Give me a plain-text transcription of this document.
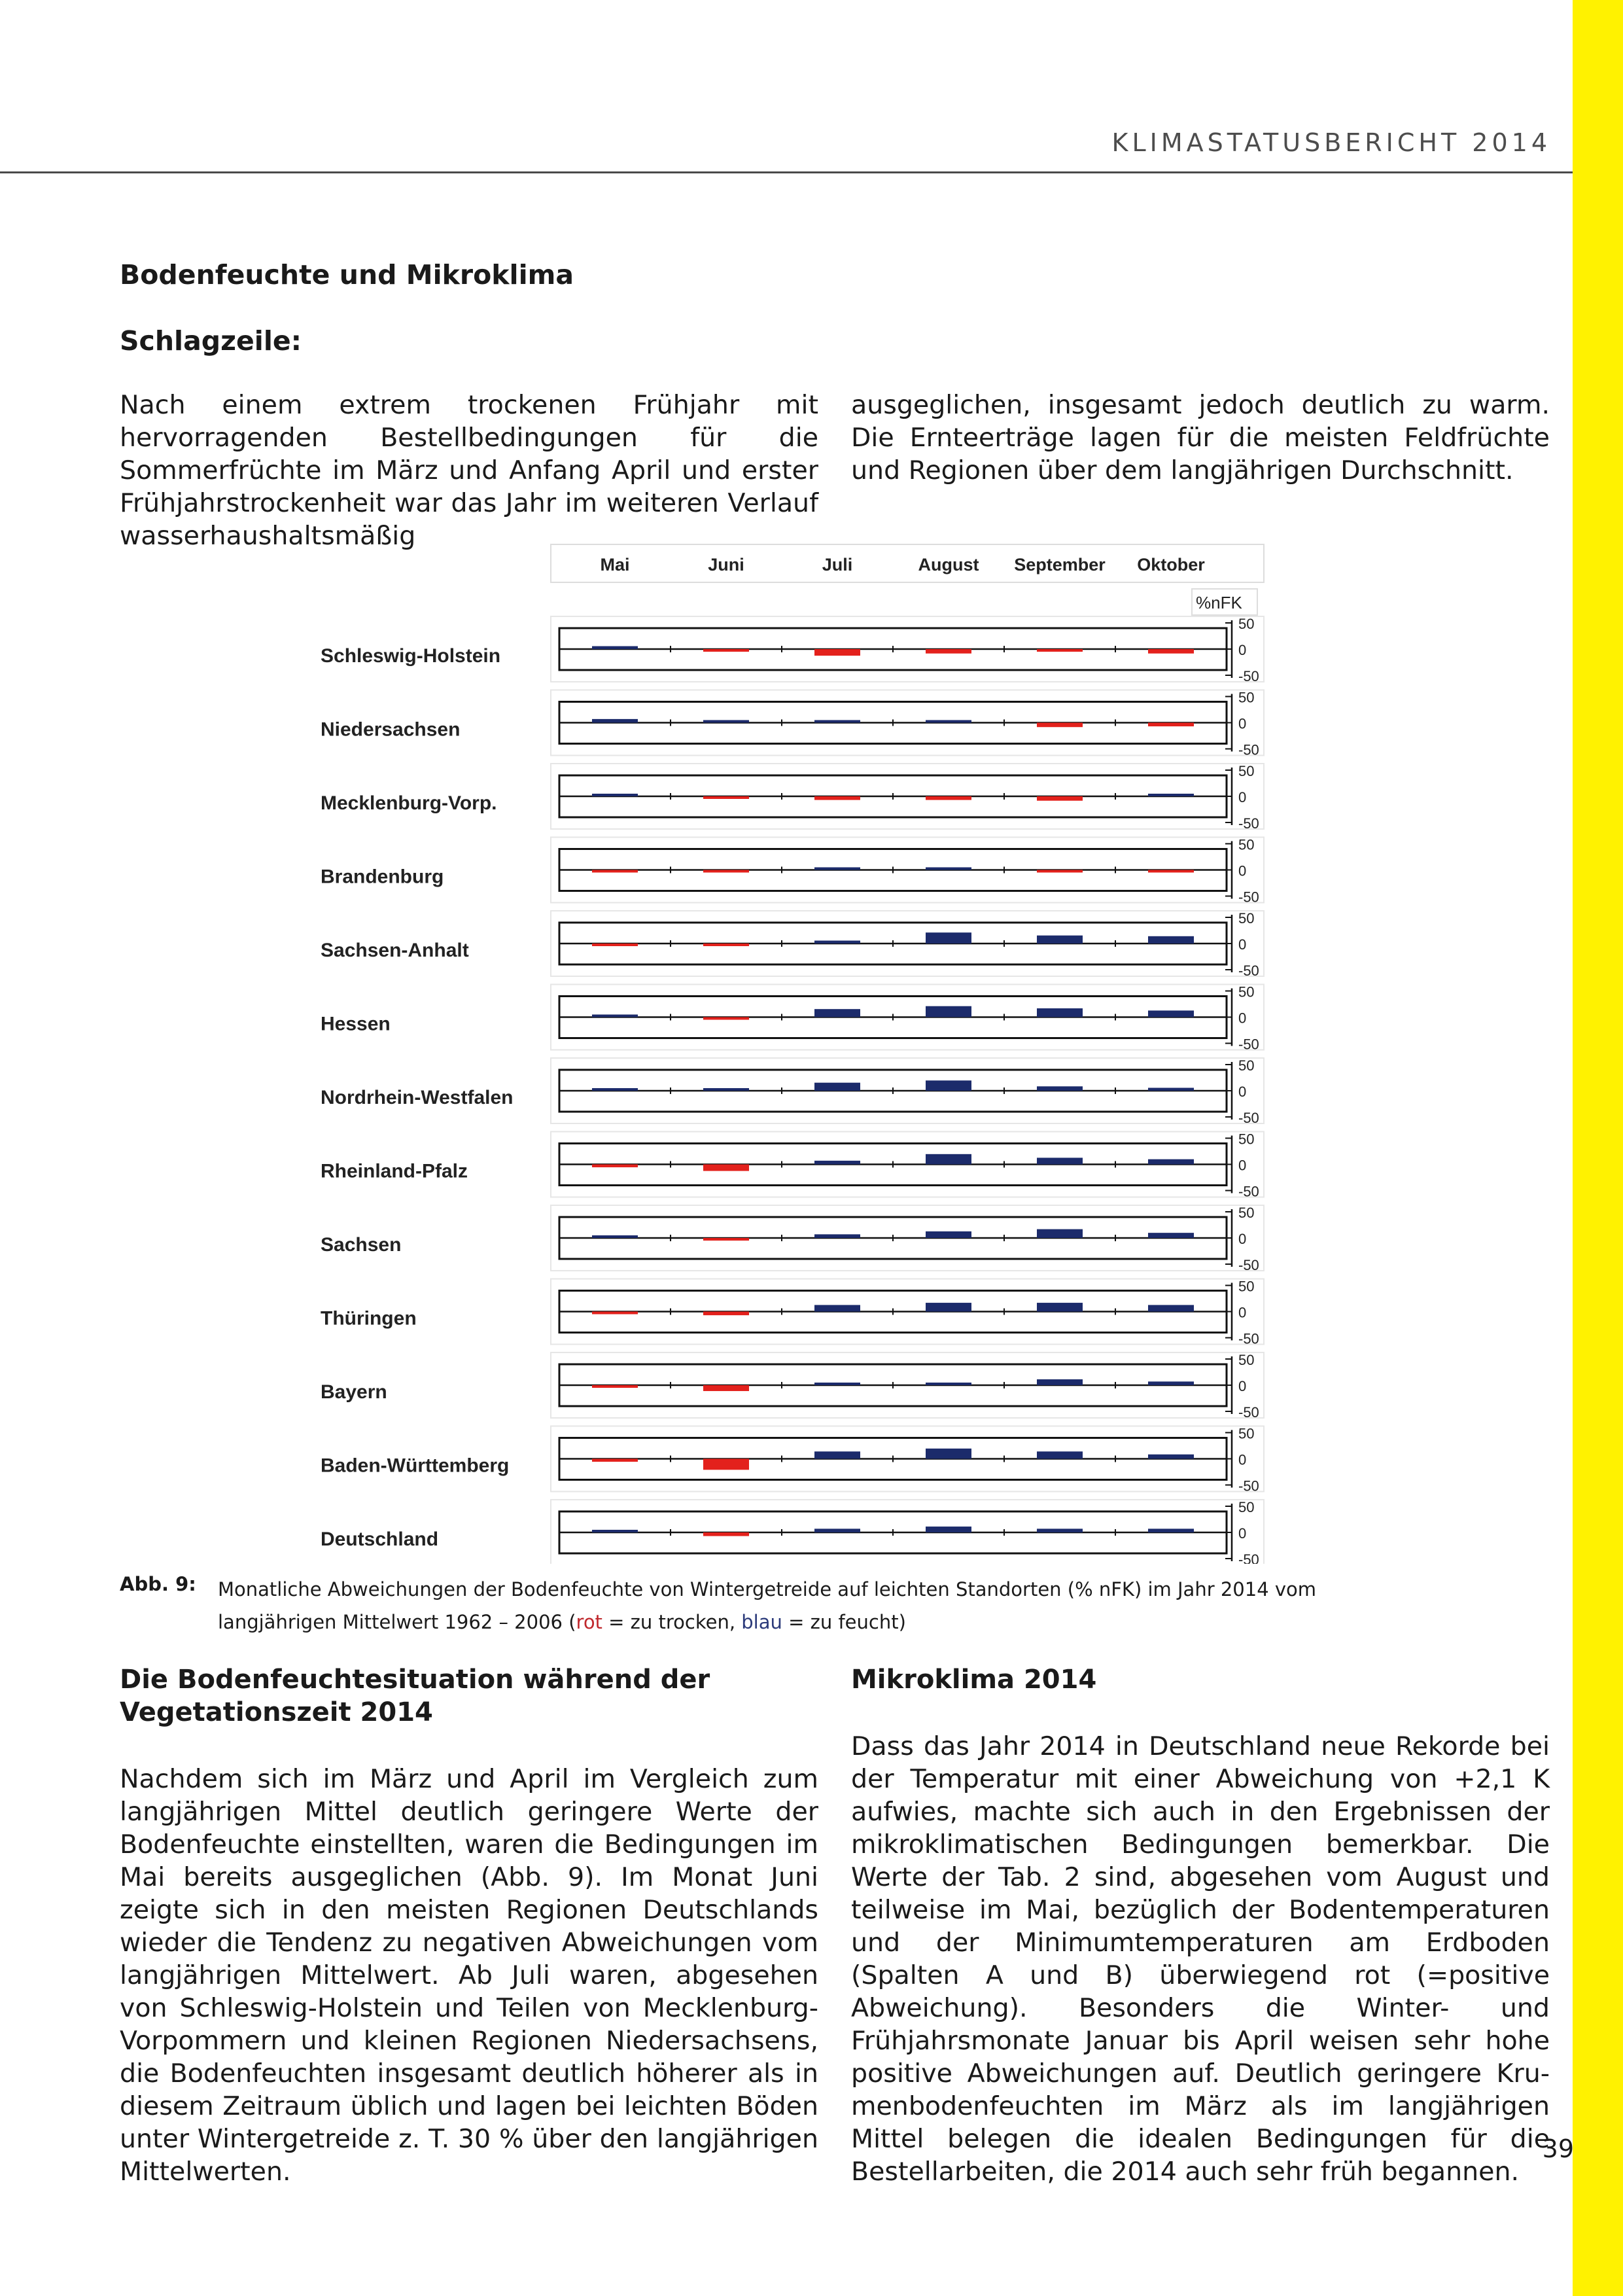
KLIMASTATUSBERICHT 2014
Bodenfeuchte und Mikroklima
Schlagzeile:

Nach einem extrem trockenen Frühjahr mit hervorragenden Bestellbedingungen für die Sommerfrüchte im März und Anfang April und erster Frühjahrstrockenheit war das Jahr im weiteren Verlauf wasserhaushaltsmäßig

ausgeglichen, insgesamt jedoch deutlich zu warm. Die Ernteerträge lagen für die meisten Feldfrüchte und Regionen über dem langjährigen Durchschnitt.

Mai	Juni	Juli	August September Oktober
%nFK
Schleswig-Holstein
50
0
-50
Niedersachsen
50
0
-50
Mecklenburg-Vorp.
50
0
-50
Brandenburg
50
0
-50
Sachsen-Anhalt
50
0
-50
Hessen
50
0
-50
Nordrhein-Westfalen
50
0
-50
Rheinland-Pfalz
50
0
-50
Sachsen
50
0
-50
Thüringen
50
0
-50
Bayern
50
0
-50
Baden-Württemberg
50
0
-50
Deutschland
50
0
-50
Abb. 9: Monatliche Abweichungen der Bodenfeuchte von Wintergetreide auf leichten Standorten (% nFK) im Jahr 2014 vom langjährigen Mittelwert 1962 – 2006 (rot = zu trocken, blau = zu feucht)
Die Bodenfeuchtesituation während der Vegetationszeit 2014
Mikroklima 2014

Nachdem sich im März und April im Vergleich zum langjährigen Mittel deutlich geringere Werte der Bodenfeuchte einstellten, waren die Bedingungen im Mai bereits ausgeglichen (Abb. 9). Im Monat Juni zeigte sich in den meisten Regionen Deutschlands wieder die Tendenz zu negativen Abweichungen vom langjährigen Mittelwert. Ab Juli waren, abgesehen von Schleswig-Holstein und Teilen von Mecklenburg-Vorpommern und kleinen Regionen Niedersachsens, die Bodenfeuchten insgesamt deutlich höherer als in diesem Zeitraum üblich und lagen bei leichten Böden unter Wintergetreide z. T. 30 % über den langjährigen Mittelwerten.

Dass das Jahr 2014 in Deutschland neue Rekorde bei der Temperatur mit einer Abweichung von +2,1 K aufwies, machte sich auch in den Ergebnissen der mikroklimatischen Bedingungen bemerkbar. Die Werte der Tab. 2 sind, abgesehen vom August und teilweise im Mai, bezüglich der Bodentemperaturen und der Minimumtemperaturen am Erdboden (Spalten A und B) überwiegend rot (=positive Abweichung). Besonders die Winter- und Frühjahrsmonate Januar bis April weisen sehr hohe positive Abweichungen auf. Deutlich geringere Krumenbodenfeuchten im März als im langjährigen Mittel belegen die idealen Bedingungen für die Bestellarbeiten, die 2014 auch sehr früh begannen.

39
